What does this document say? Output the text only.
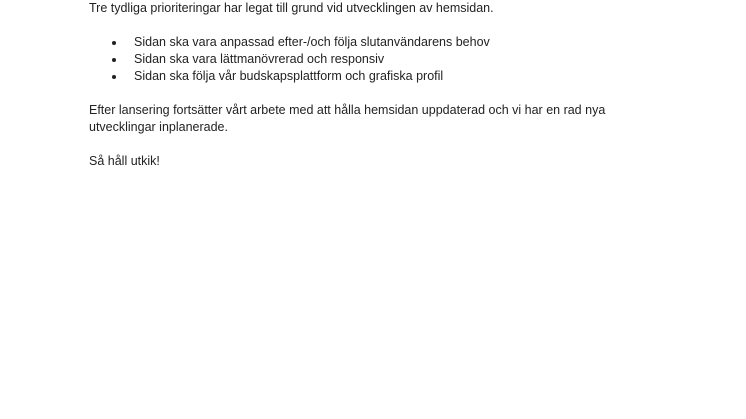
Tre tydliga prioriteringar har legat till grund vid utvecklingen av hemsidan.

Sidan ska vara anpassad efter-/och följa slutanvändarens behov
Sidan ska vara lättmanövrerad och responsiv
Sidan ska följa vår budskapsplattform och grafiska profil
Efter lansering fortsätter vårt arbete med att hålla hemsidan uppdaterad och vi har en rad nya
utvecklingar inplanerade.

Så håll utkik!
